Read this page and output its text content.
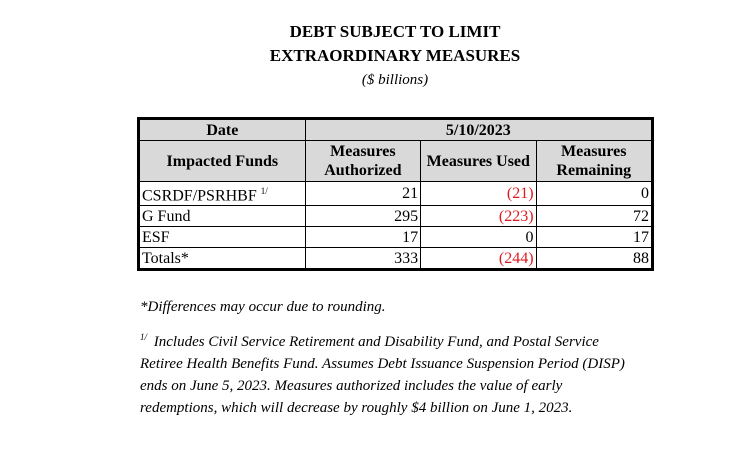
DEBT SUBJECT TO LIMIT
EXTRAORDINARY MEASURES
($ billions)
Date	5/10/2023		
Impacted Funds	Measures Authorized	Measures Used	Measures Remaining
CSRDF/PSRHBF $^{1/}$	21	(21)	0
G Fund	295	(223)	72
ESF	17	0	17
Totals*	333	(244)	88
*Differences may occur due to rounding.
$^{1/}$ Includes Civil Service Retirement and Disability Fund, and Postal Service Retiree Health Benefits Fund. Assumes Debt Issuance Suspension Period (DISP) ends on June 5, 2023. Measures authorized includes the value of early redemptions, which will decrease by roughly $4 billion on June 1, 2023.
